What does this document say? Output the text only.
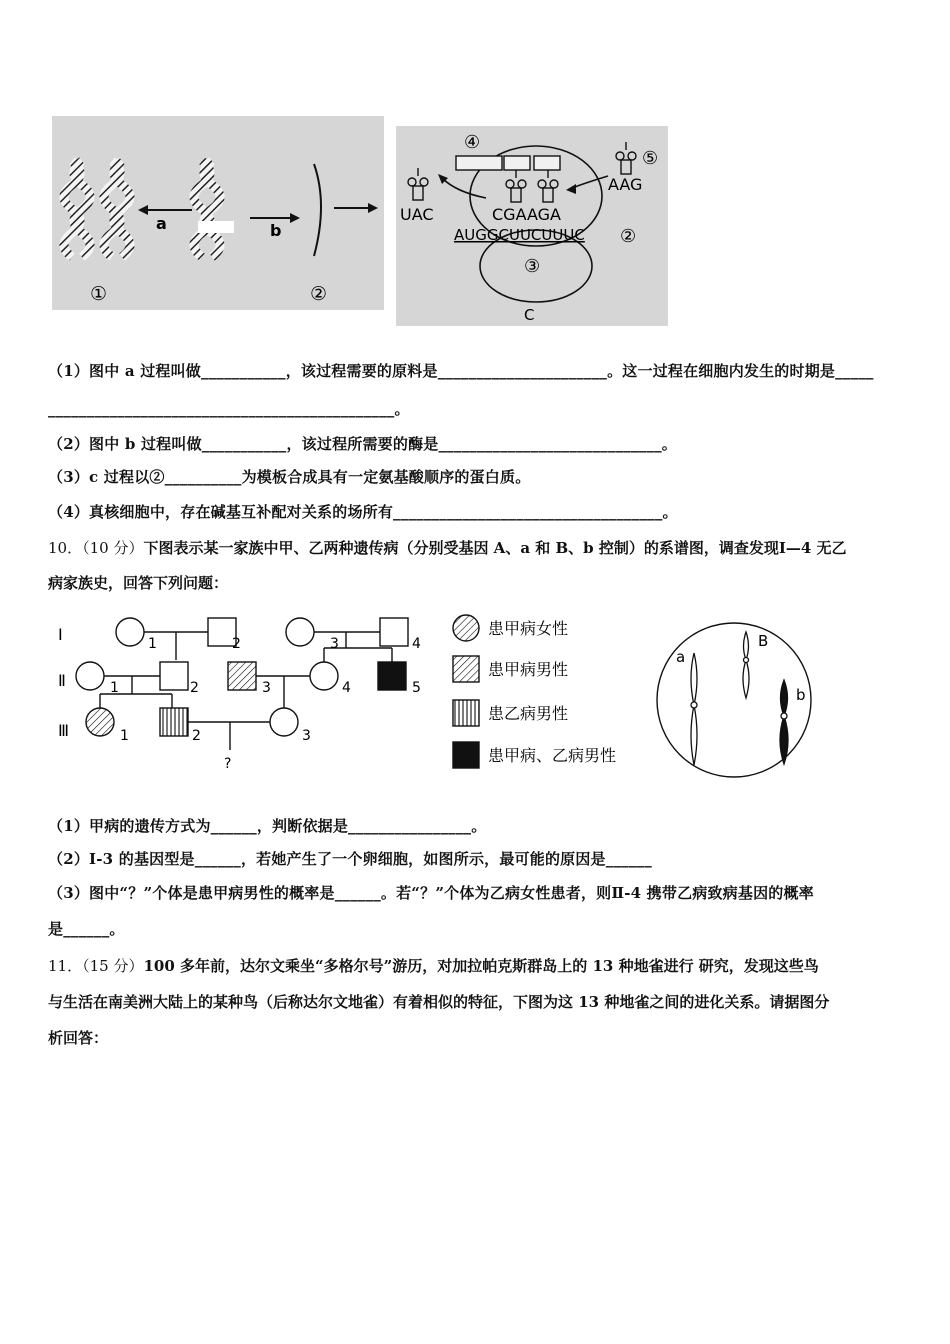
a	b
①	②
④
UAC
⑤
AAG
CGAAGA
AUGGCUUCUUUC ②
③
C
（1）图中 a 过程叫做___________，该过程需要的原料是______________________。这一过程在细胞内发生的时期是_____
_____________________________________________。
（2）图中 b 过程叫做___________，该过程所需要的酶是_____________________________。
（3）c 过程以②__________为模板合成具有一定氨基酸顺序的蛋白质。
（4）真核细胞中，存在碱基互补配对关系的场所有___________________________________。
10．（10 分）下图表示某一家族中甲、乙两种遗传病（分别受基因 A、a 和 B、b 控制）的系谱图，调查发现Ⅰ—4 无乙
病家族史，回答下列问题：
Ⅰ
Ⅱ
Ⅲ
1	2	3	4
1	2	3	4	5
1	2	3
?
患甲病女性
患甲病男性
患乙病男性
患甲病、乙病男性
a
B
b
（1）甲病的遗传方式为______，判断依据是________________。
（2）Ⅰ-3 的基因型是______，若她产生了一个卵细胞，如图所示，最可能的原因是______
（3）图中“？”个体是患甲病男性的概率是______。若“？”个体为乙病女性患者，则Ⅱ-4 携带乙病致病基因的概率
是______。
11．（15 分）100 多年前，达尔文乘坐“多格尔号”游历，对加拉帕克斯群岛上的 13 种地雀进行 研究，发现这些鸟
与生活在南美洲大陆上的某种鸟（后称达尔文地雀）有着相似的特征，下图为这 13 种地雀之间的进化关系。请据图分
析回答：
